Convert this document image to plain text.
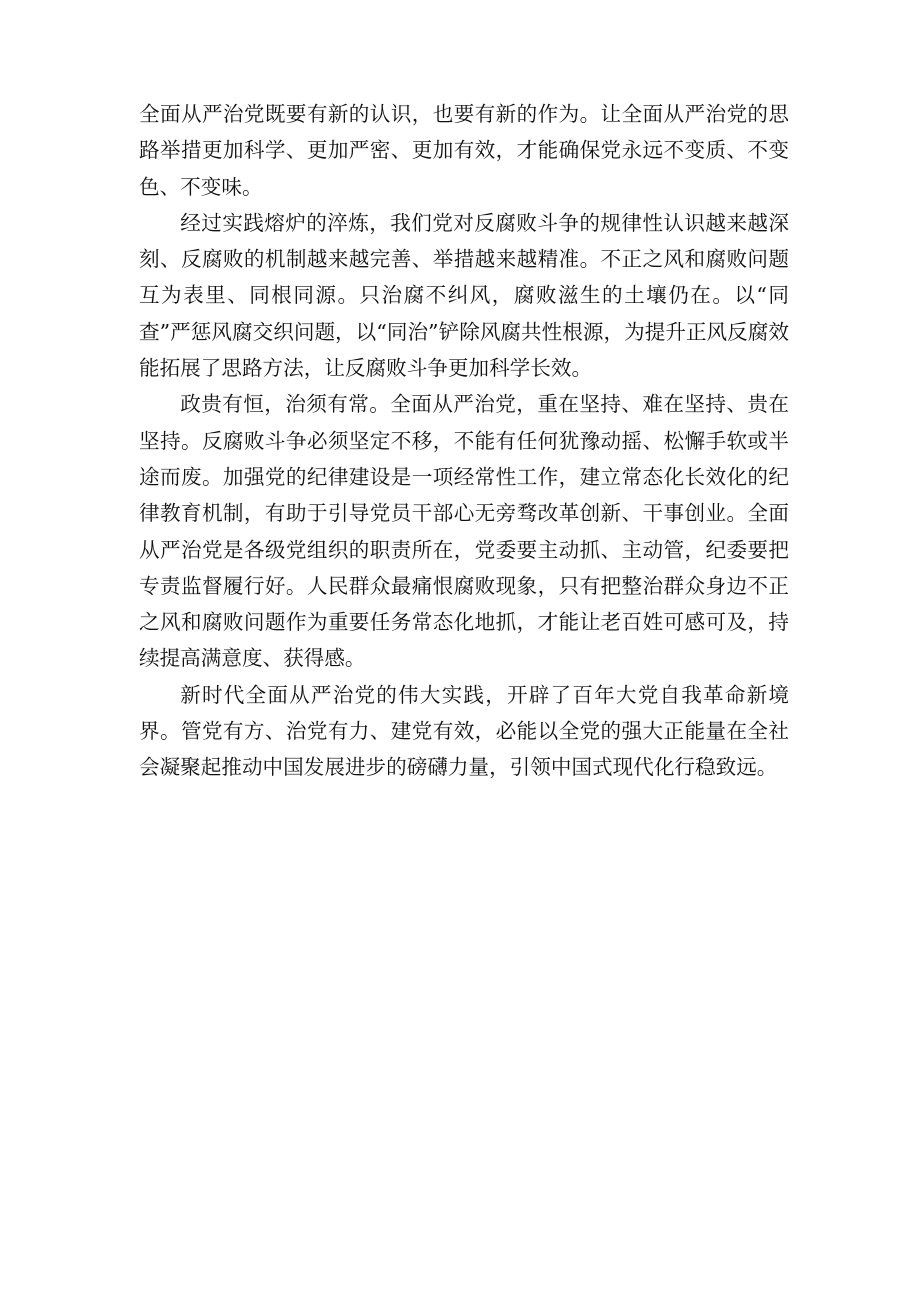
全面从严治党既要有新的认识，也要有新的作为。让全面从严治党的思路举措更加科学、更加严密、更加有效，才能确保党永远不变质、不变色、不变味。

经过实践熔炉的淬炼，我们党对反腐败斗争的规律性认识越来越深刻、反腐败的机制越来越完善、举措越来越精准。不正之风和腐败问题互为表里、同根同源。只治腐不纠风，腐败滋生的土壤仍在。以“同查”严惩风腐交织问题，以“同治”铲除风腐共性根源，为提升正风反腐效能拓展了思路方法，让反腐败斗争更加科学长效。

政贵有恒，治须有常。全面从严治党，重在坚持、难在坚持、贵在坚持。反腐败斗争必须坚定不移，不能有任何犹豫动摇、松懈手软或半途而废。加强党的纪律建设是一项经常性工作，建立常态化长效化的纪律教育机制，有助于引导党员干部心无旁骛改革创新、干事创业。全面从严治党是各级党组织的职责所在，党委要主动抓、主动管，纪委要把专责监督履行好。人民群众最痛恨腐败现象，只有把整治群众身边不正之风和腐败问题作为重要任务常态化地抓，才能让老百姓可感可及，持续提高满意度、获得感。

新时代全面从严治党的伟大实践，开辟了百年大党自我革命新境界。管党有方、治党有力、建党有效，必能以全党的强大正能量在全社会凝聚起推动中国发展进步的磅礴力量，引领中国式现代化行稳致远。
